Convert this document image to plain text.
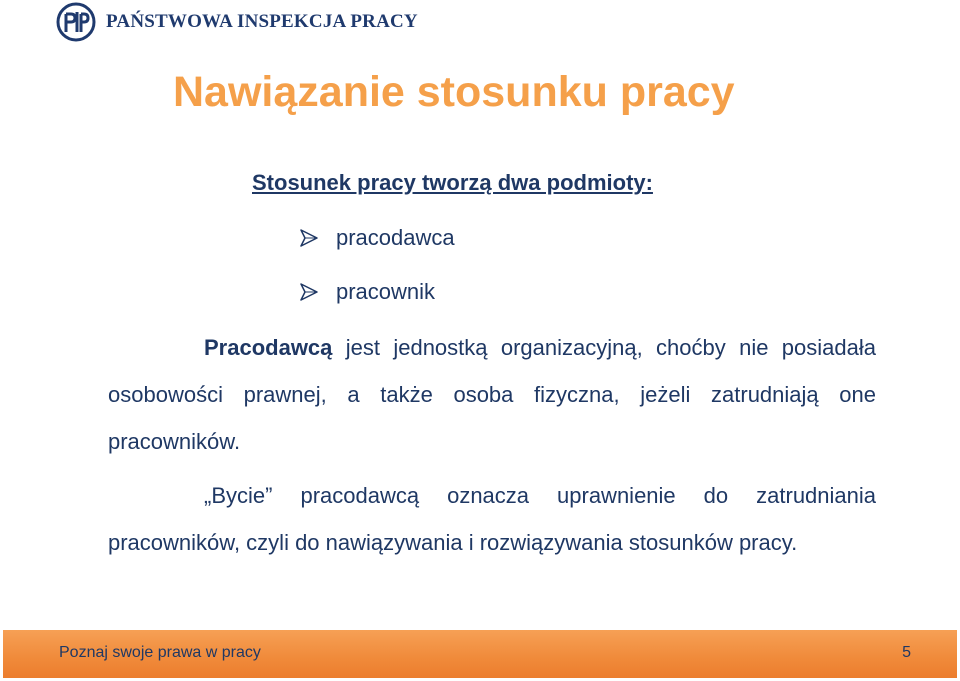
PAŃSTWOWA INSPEKCJA PRACY
Nawiązanie stosunku pracy
Stosunek pracy tworzą dwa podmioty:
pracodawca
pracownik
Pracodawcą jest jednostką organizacyjną, choćby nie posiadała osobowości prawnej, a także osoba fizyczna, jeżeli zatrudniają one pracowników.
„Bycie” pracodawcą oznacza uprawnienie do zatrudniania pracowników, czyli do nawiązywania i rozwiązywania stosunków pracy.
Poznaj swoje prawa w pracy	5
